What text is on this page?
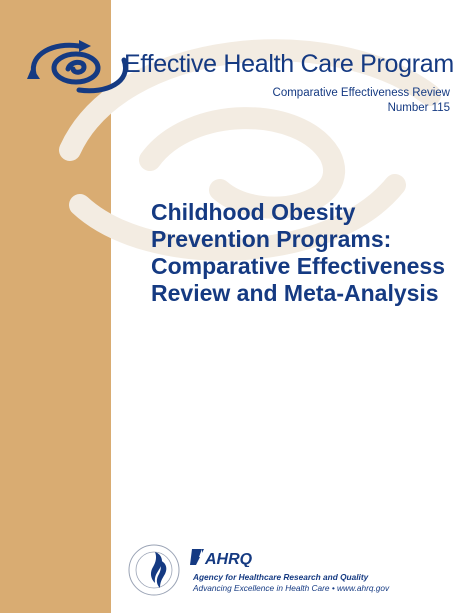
Effective Health Care Program
Comparative Effectiveness Review
Number 115
Childhood Obesity
Prevention Programs:
Comparative Effectiveness
Review and Meta-Analysis
AHRQ
Agency for Healthcare Research and Quality
Advancing Excellence in Health Care • www.ahrq.gov
